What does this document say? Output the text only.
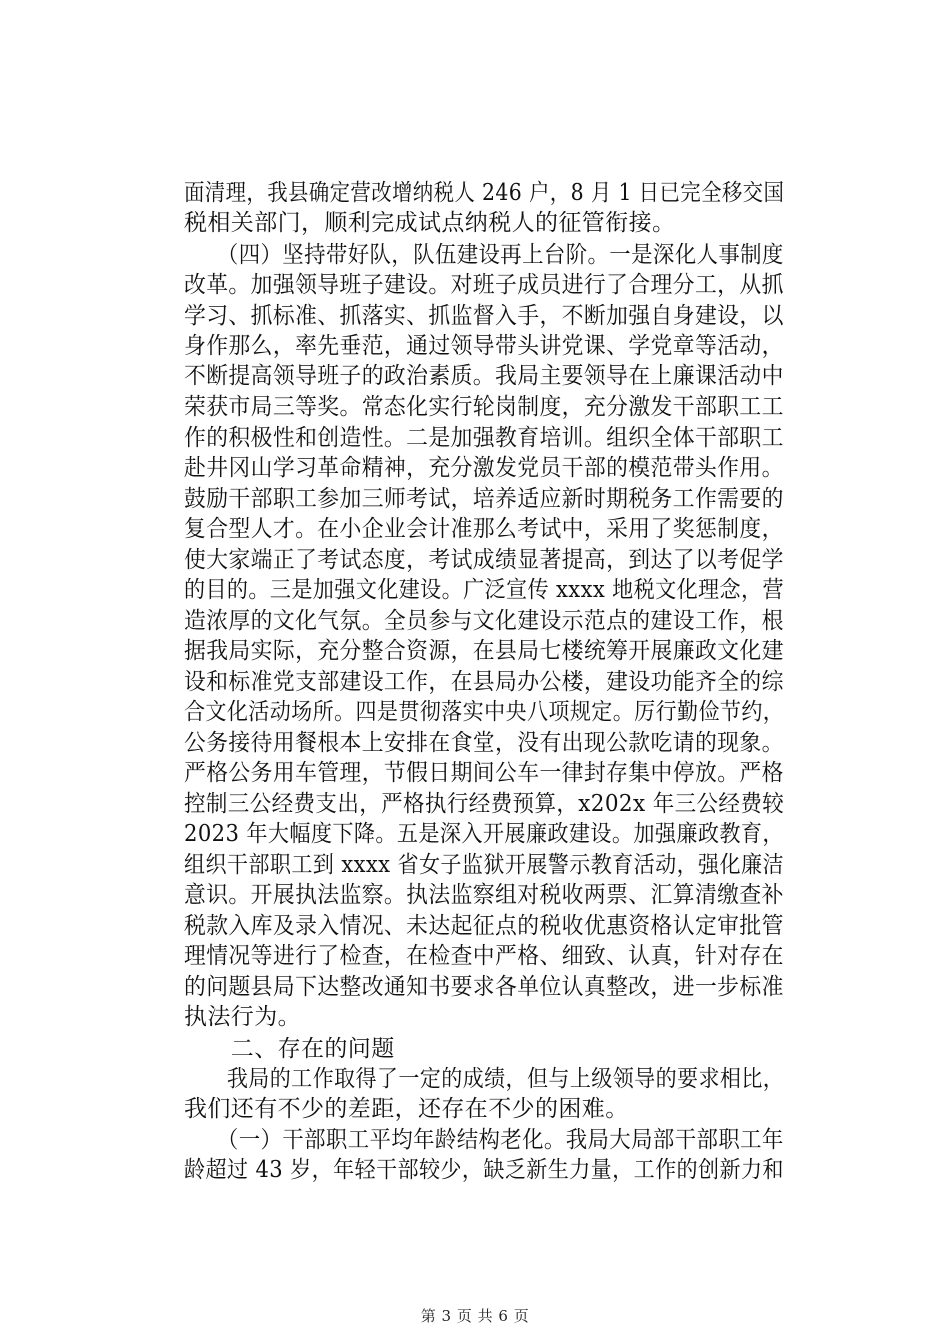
面清理，我县确定营改增纳税人 246 户，8 月 1 日已完全移交国
税相关部门，顺利完成试点纳税人的征管衔接。
　　（四）坚持带好队，队伍建设再上台阶。一是深化人事制度
改革。加强领导班子建设。对班子成员进行了合理分工，从抓
学习、抓标准、抓落实、抓监督入手，不断加强自身建设，以
身作那么，率先垂范，通过领导带头讲党课、学党章等活动，
不断提高领导班子的政治素质。我局主要领导在上廉课活动中
荣获市局三等奖。常态化实行轮岗制度，充分激发干部职工工
作的积极性和创造性。二是加强教育培训。组织全体干部职工
赴井冈山学习革命精神，充分激发党员干部的模范带头作用。
鼓励干部职工参加三师考试，培养适应新时期税务工作需要的
复合型人才。在小企业会计准那么考试中，采用了奖惩制度，
使大家端正了考试态度，考试成绩显著提高，到达了以考促学
的目的。三是加强文化建设。广泛宣传 xxxx 地税文化理念，营
造浓厚的文化气氛。全员参与文化建设示范点的建设工作，根
据我局实际，充分整合资源，在县局七楼统筹开展廉政文化建
设和标准党支部建设工作，在县局办公楼，建设功能齐全的综
合文化活动场所。四是贯彻落实中央八项规定。厉行勤俭节约，
公务接待用餐根本上安排在食堂，没有出现公款吃请的现象。
严格公务用车管理，节假日期间公车一律封存集中停放。严格
控制三公经费支出，严格执行经费预算，x202x 年三公经费较
2023 年大幅度下降。五是深入开展廉政建设。加强廉政教育，
组织干部职工到 xxxx 省女子监狱开展警示教育活动，强化廉洁
意识。开展执法监察。执法监察组对税收两票、汇算清缴查补
税款入库及录入情况、未达起征点的税收优惠资格认定审批管
理情况等进行了检查，在检查中严格、细致、认真，针对存在
的问题县局下达整改通知书要求各单位认真整改，进一步标准
执法行为。
　　二、存在的问题
　　我局的工作取得了一定的成绩，但与上级领导的要求相比，
我们还有不少的差距，还存在不少的困难。
　　（一）干部职工平均年龄结构老化。我局大局部干部职工年
龄超过 43 岁，年轻干部较少，缺乏新生力量，工作的创新力和
第 3 页 共 6 页
